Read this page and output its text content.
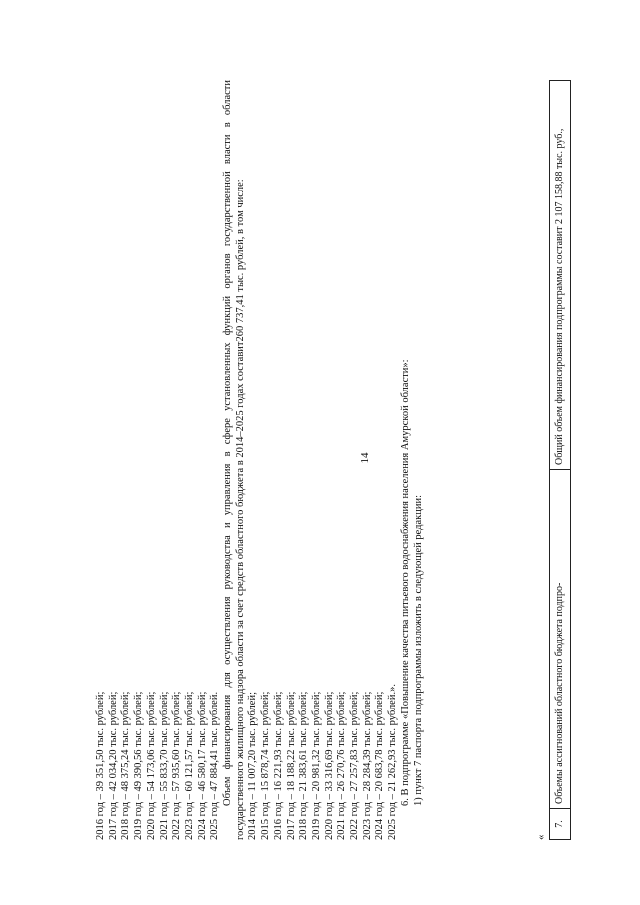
14
2016 год – 39 351,50 тыс. рублей; 2017 год – 42 034,20 тыс. рублей; 2018 год – 48 375,24 тыс. рублей; 2019 год – 49 390,56 тыс. рублей; 2020 год – 54 173,06 тыс. рублей; 2021 год – 55 833,70 тыс. рублей; 2022 год – 57 935,60 тыс. рублей; 2023 год – 60 121,57 тыс. рублей; 2024 год – 46 580,17 тыс. рублей; 2025 год – 47 884,41 тыс. рублей. Объем финансирования для осуществления руководства и управления в сфере установленных функций органов государственной власти в области государственного жилищного надзора области за счет средств областного бюджета в 2014–2025 годах составит260 737,41 тыс. рублей, в том числе: 2014 год – 11 007,20 тыс. рублей; 2015 год – 15 878,74 тыс. рублей; 2016 год – 16 221,93 тыс. рублей; 2017 год – 18 188,22 тыс. рублей; 2018 год – 21 383,61 тыс. рублей; 2019 год – 20 981,32 тыс. рублей; 2020 год – 33 316,69 тыс. рублей; 2021 год – 26 270,76 тыс. рублей; 2022 год – 27 257,83 тыс. рублей; 2023 год – 28 284,39 тыс. рублей; 2024 год – 20 683,78 тыс. рублей; 2025 год – 21 262,93 тыс. рублей.». 6. В подпрограмме «Повышение качества питьевого водоснабжения населения Амурской области»: 1) пункт 7 паспорта подпрограммы изложить в следующей редакции:
«
7.	Объемы ассигнований областного бюджета подпро-	Общий объем финансирования подпрограммы составит 2 107 158,88 тыс. руб.,
